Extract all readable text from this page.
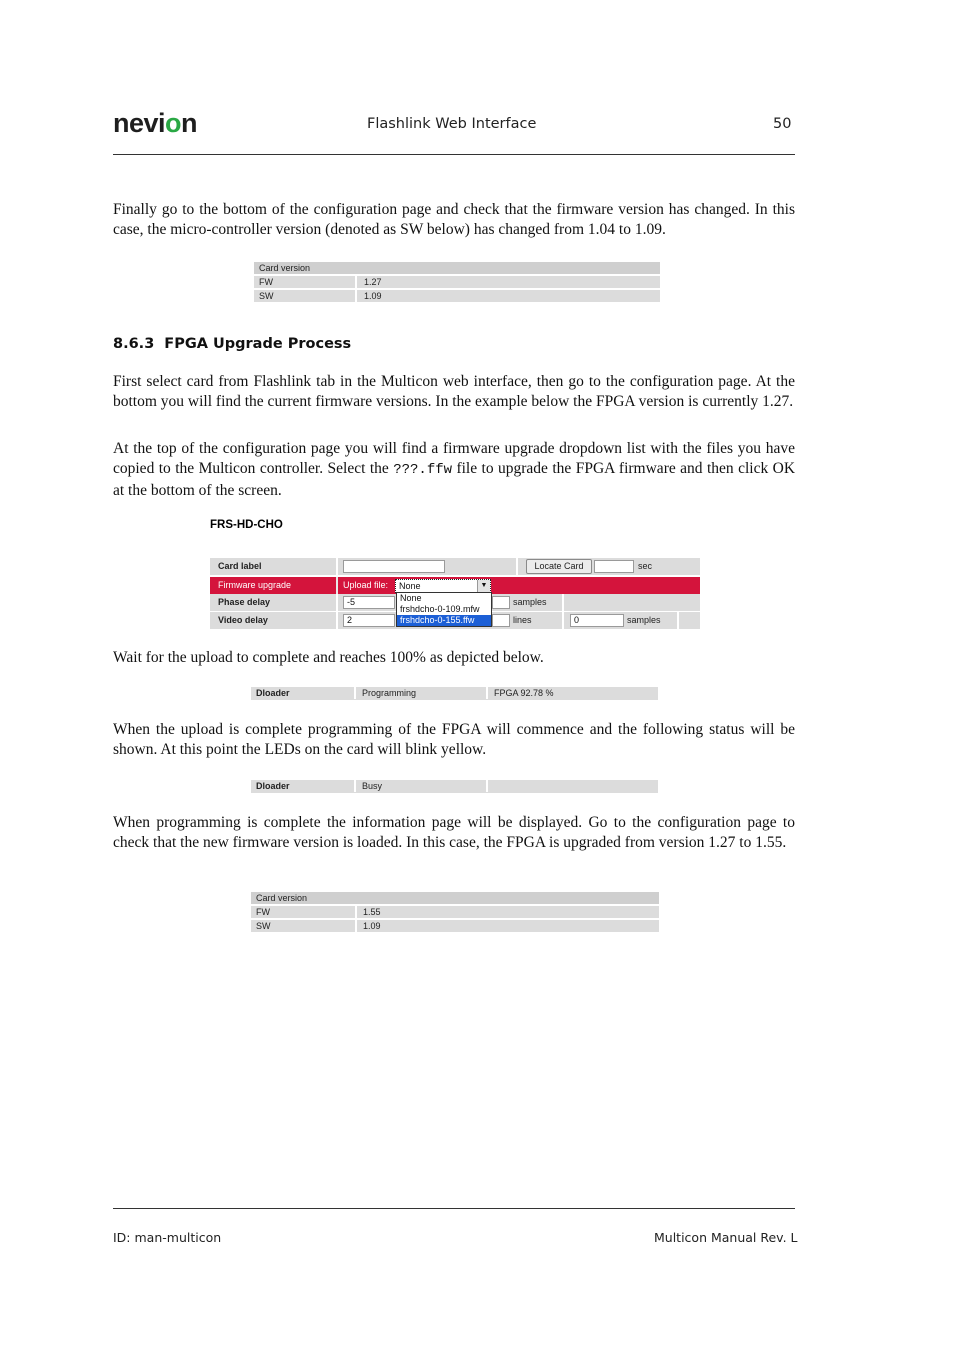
nevion	Flashlink Web Interface	50
Finally go to the bottom of the configuration page and check that the firmware version has changed. In this case, the micro-controller version (denoted as SW below) has changed from 1.04 to 1.09.
Card version
FW	1.27
SW	1.09
8.6.3 FPGA Upgrade Process
First select card from Flashlink tab in the Multicon web interface, then go to the configuration page. At the bottom you will find the current firmware versions. In the example below the FPGA version is currently 1.27.
At the top of the configuration page you will find a firmware upgrade dropdown list with the files you have copied to the Multicon controller. Select the ???.ffw file to upgrade the FPGA firmware and then click OK at the bottom of the screen.
FRS-HD-CHO
Card label	Locate Card	sec
Firmware upgrade	Upload file:	None	▼
Phase delay	-5	samples
Video delay	2	lines	0	samples
None
frshdcho-0-109.mfw
frshdcho-0-155.ffw
Wait for the upload to complete and reaches 100% as depicted below.
Dloader	Programming	FPGA 92.78 %
When the upload is complete programming of the FPGA will commence and the following status will be shown. At this point the LEDs on the card will blink yellow.
Dloader	Busy
When programming is complete the information page will be displayed. Go to the configuration page to check that the new firmware version is loaded. In this case, the FPGA is upgraded from version 1.27 to 1.55.
Card version
FW	1.55
SW	1.09
ID: man-multicon	Multicon Manual Rev. L
